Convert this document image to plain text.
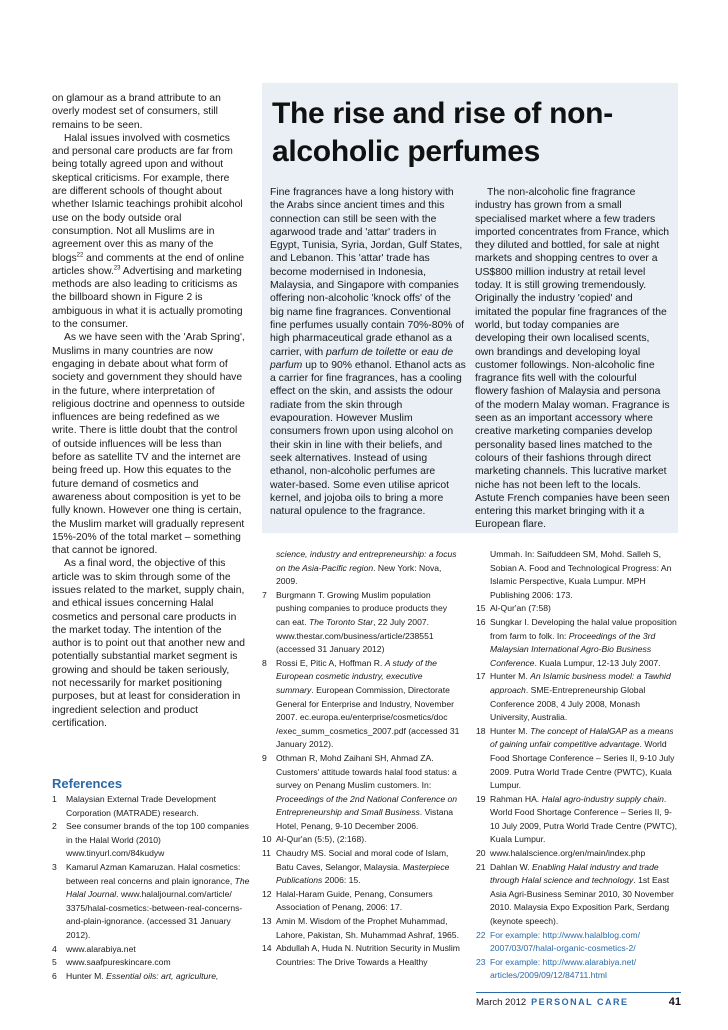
on glamour as a brand attribute to an overly modest set of consumers, still remains to be seen.

Halal issues involved with cosmetics and personal care products are far from being totally agreed upon and without skeptical criticisms. For example, there are different schools of thought about whether Islamic teachings prohibit alcohol use on the body outside oral consumption. Not all Muslims are in agreement over this as many of the blogs$^{22}$ and comments at the end of online articles show.$^{23}$ Advertising and marketing methods are also leading to criticisms as the billboard shown in Figure 2 is ambiguous in what it is actually promoting to the consumer.

As we have seen with the 'Arab Spring', Muslims in many countries are now engaging in debate about what form of society and government they should have in the future, where interpretation of religious doctrine and openness to outside influences are being redefined as we write. There is little doubt that the control of outside influences will be less than before as satellite TV and the internet are being freed up. How this equates to the future demand of cosmetics and awareness about composition is yet to be fully known. However one thing is certain, the Muslim market will gradually represent 15%-20% of the total market – something that cannot be ignored.

As a final word, the objective of this article was to skim through some of the issues related to the market, supply chain, and ethical issues concerning Halal cosmetics and personal care products in the market today. The intention of the author is to point out that another new and potentially substantial market segment is growing and should be taken seriously, not necessarily for market positioning purposes, but at least for consideration in ingredient selection and product certification.

The rise and rise of non-alcoholic perfumes

Fine fragrances have a long history with the Arabs since ancient times and this connection can still be seen with the agarwood trade and 'attar' traders in Egypt, Tunisia, Syria, Jordan, Gulf States, and Lebanon. This 'attar' trade has become modernised in Indonesia, Malaysia, and Singapore with companies offering non-alcoholic 'knock offs' of the big name fine fragrances. Conventional fine perfumes usually contain 70%-80% of high pharmaceutical grade ethanol as a carrier, with parfum de toilette or eau de parfum up to 90% ethanol. Ethanol acts as a carrier for fine fragrances, has a cooling effect on the skin, and assists the odour radiate from the skin through evapouration. However Muslim consumers frown upon using alcohol on their skin in line with their beliefs, and seek alternatives. Instead of using ethanol, non-alcoholic perfumes are water-based. Some even utilise apricot kernel, and jojoba oils to bring a more natural opulence to the fragrance.

The non-alcoholic fine fragrance industry has grown from a small specialised market where a few traders imported concentrates from France, which they diluted and bottled, for sale at night markets and shopping centres to over a US$800 million industry at retail level today. It is still growing tremendously. Originally the industry 'copied' and imitated the popular fine fragrances of the world, but today companies are developing their own localised scents, own brandings and developing loyal customer followings. Non-alcoholic fine fragrance fits well with the colourful flowery fashion of Malaysia and persona of the modern Malay woman. Fragrance is seen as an important accessory where creative marketing companies develop personality based lines matched to the colours of their fashions through direct marketing channels. This lucrative market niche has not been left to the locals. Astute French companies have been seen entering this market bringing with it a European flare.

References
1	Malaysian External Trade Development Corporation (MATRADE) research.
2	See consumer brands of the top 100 companies in the Halal World (2010) www.tinyurl.com/84kudyw
3	Kamarul Azman Kamaruzan. Halal cosmetics: between real concerns and plain ignorance, The Halal Journal. www.halaljournal.com/article/ 3375/halal-cosmetics:-between-real-concerns-and-plain-ignorance. (accessed 31 January 2012).
4	www.alarabiya.net
5	www.saafpureskincare.com
6	Hunter M. Essential oils: art, agriculture,
science, industry and entrepreneurship: a focus on the Asia-Pacific region. New York: Nova, 2009.
7	Burgmann T. Growing Muslim population pushing companies to produce products they can eat. The Toronto Star, 22 July 2007. www.thestar.com/business/article/238551 (accessed 31 January 2012)
8	Rossi E, Pitic A, Hoffman R. A study of the European cosmetic industry, executive summary. European Commission, Directorate General for Enterprise and Industry, November 2007. ec.europa.eu/enterprise/cosmetics/doc /exec_summ_cosmetics_2007.pdf (accessed 31 January 2012).
9	Othman R, Mohd Zaihani SH, Ahmad ZA. Customers' attitude towards halal food status: a survey on Penang Muslim customers. In: Proceedings of the 2nd National Conference on Entrepreneurship and Small Business. Vistana Hotel, Penang, 9-10 December 2006.
10 Al-Qur'an (5:5), (2:168).
11 Chaudry MS. Social and moral code of Islam, Batu Caves, Selangor, Malaysia. Masterpiece Publications 2006: 15.
12 Halal-Haram Guide, Penang, Consumers Association of Penang, 2006: 17.
13 Amin M. Wisdom of the Prophet Muhammad, Lahore, Pakistan, Sh. Muhammad Ashraf, 1965.
14 Abdullah A, Huda N. Nutrition Security in Muslim Countries: The Drive Towards a Healthy
Ummah. In: Saifuddeen SM, Mohd. Salleh S, Sobian A. Food and Technological Progress: An Islamic Perspective, Kuala Lumpur. MPH Publishing 2006: 173.
15 Al-Qur'an (7:58)
16 Sungkar I. Developing the halal value proposition from farm to folk. In: Proceedings of the 3rd Malaysian International Agro-Bio Business Conference. Kuala Lumpur, 12-13 July 2007.
17 Hunter M. An Islamic business model: a Tawhid approach. SME-Entrepreneurship Global Conference 2008, 4 July 2008, Monash University, Australia.
18 Hunter M. The concept of HalalGAP as a means of gaining unfair competitive advantage. World Food Shortage Conference – Series II, 9-10 July 2009. Putra World Trade Centre (PWTC), Kuala Lumpur.
19 Rahman HA. Halal agro-industry supply chain. World Food Shortage Conference – Series II, 9-10 July 2009, Putra World Trade Centre (PWTC), Kuala Lumpur.
20 www.halalscience.org/en/main/index.php
21 Dahlan W. Enabling Halal industry and trade through Halal science and technology. 1st East Asia Agri-Business Seminar 2010, 30 November 2010. Malaysia Expo Exposition Park, Serdang (keynote speech).
22 For example: http://www.halalblog.com/ 2007/03/07/halal-organic-cosmetics-2/
23 For example: http://www.alarabiya.net/ articles/2009/09/12/84711.html
March 2012 PERSONAL CARE	41
